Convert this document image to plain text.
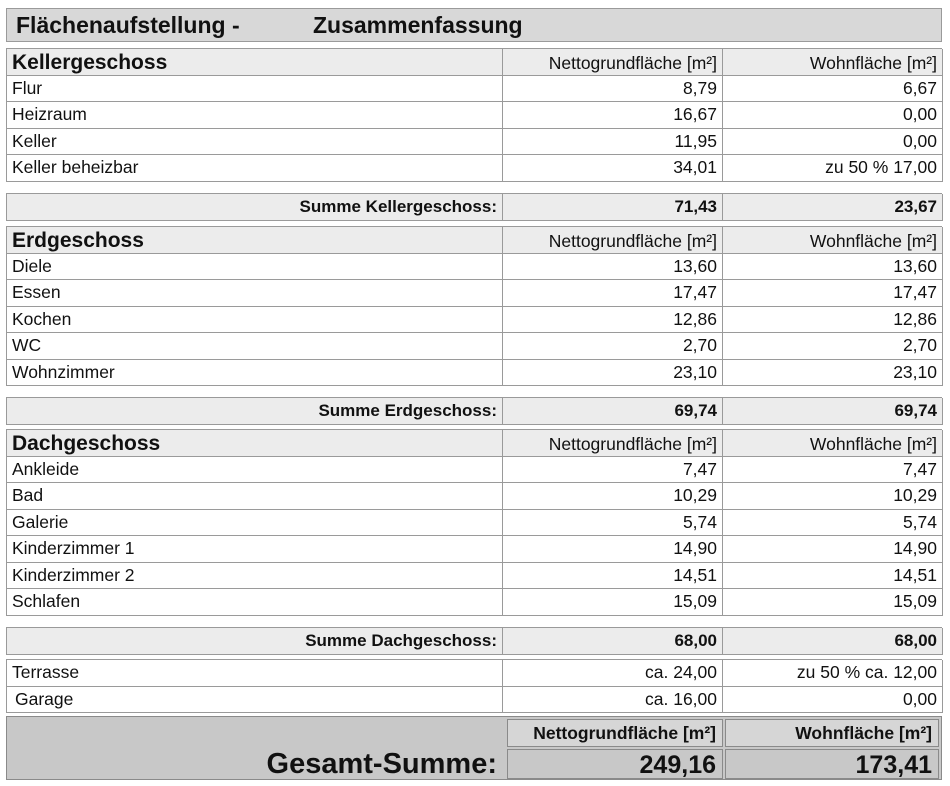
Flächenaufstellung -	Zusammenfassung
Kellergeschoss	Nettogrundfläche [m²]	Wohnfläche [m²]
Flur	8,79	6,67
Heizraum	16,67	0,00
Keller	11,95	0,00
Keller beheizbar	34,01	zu 50 % 17,00
Summe Kellergeschoss:	71,43	23,67
Erdgeschoss	Nettogrundfläche [m²]	Wohnfläche [m²]
Diele	13,60	13,60
Essen	17,47	17,47
Kochen	12,86	12,86
WC	2,70	2,70
Wohnzimmer	23,10	23,10
Summe Erdgeschoss:	69,74	69,74
Dachgeschoss	Nettogrundfläche [m²]	Wohnfläche [m²]
Ankleide	7,47	7,47
Bad	10,29	10,29
Galerie	5,74	5,74
Kinderzimmer 1	14,90	14,90
Kinderzimmer 2	14,51	14,51
Schlafen	15,09	15,09
Summe Dachgeschoss:	68,00	68,00
Terrasse	ca. 24,00	zu 50 % ca. 12,00
Garage	ca. 16,00	0,00
Gesamt-Summe:
Nettogrundfläche [m²]	Wohnfläche [m²]
249,16	173,41
